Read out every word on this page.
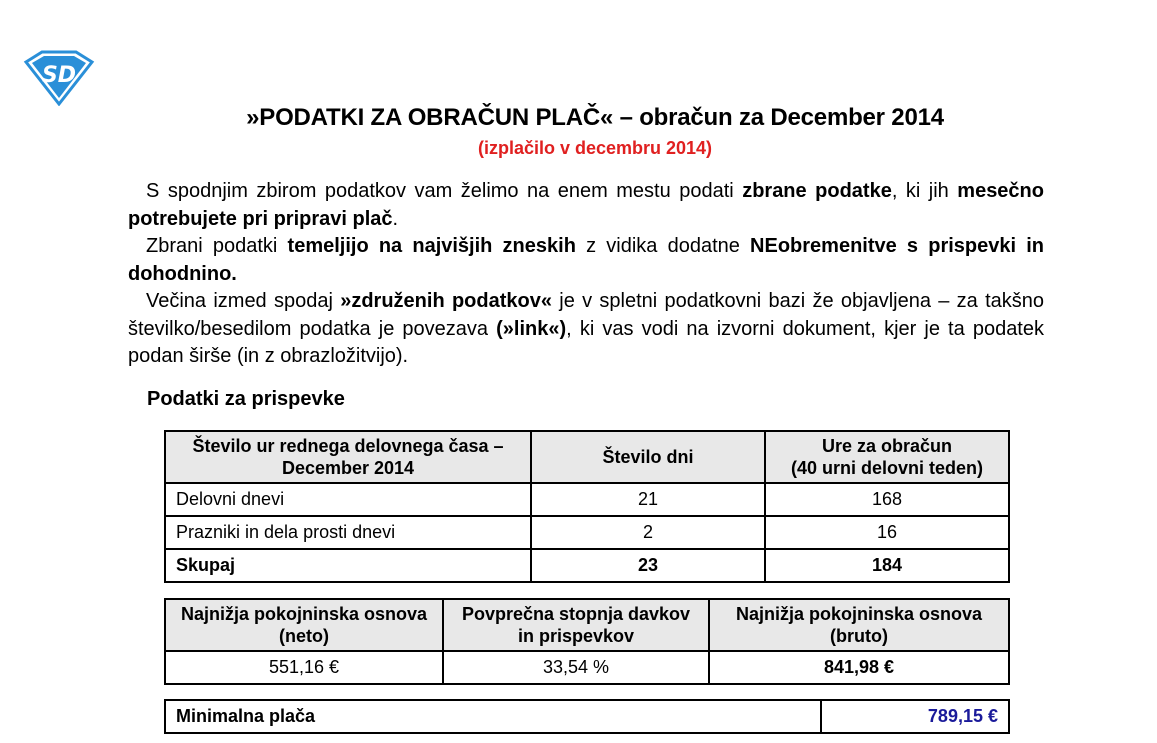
SD
»PODATKI ZA OBRAČUN PLAČ« – obračun za December 2014
(izplačilo v decembru 2014)

S spodnjim zbirom podatkov vam želimo na enem mestu podati zbrane podatke, ki jih mesečno potrebujete pri pripravi plač.

Zbrani podatki temeljijo na najvišjih zneskih z vidika dodatne NEobremenitve s prispevki in dohodnino.

Večina izmed spodaj »združenih podatkov« je v spletni podatkovni bazi že objavljena – za takšno številko/besedilom podatka je povezava (»link«), ki vas vodi na izvorni dokument, kjer je ta podatek podan širše (in z obrazložitvijo).

Podatki za prispevke
Število ur rednega delovnega časa – December 2014	Število dni	Ure za obračun
(40 urni delovni teden)
Delovni dnevi	21	168
Prazniki in dela prosti dnevi	2	16
Skupaj	23	184
Najnižja pokojninska osnova (neto)	Povprečna stopnja davkov in prispevkov	Najnižja pokojninska osnova (bruto)
551,16 €	33,54 %	841,98 €
Minimalna plača	789,15 €
